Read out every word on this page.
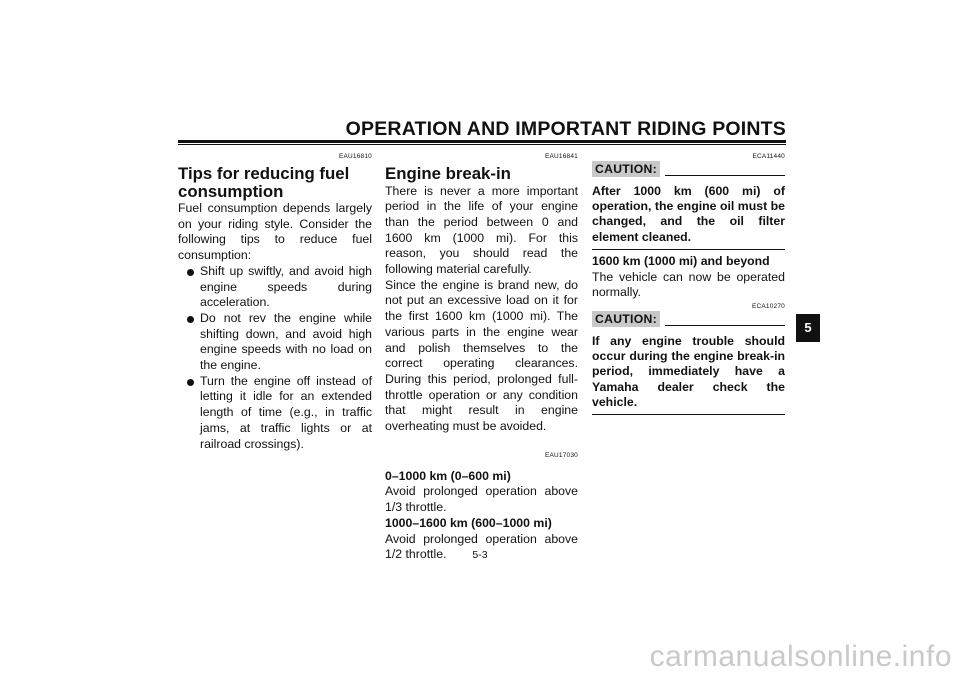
OPERATION AND IMPORTANT RIDING POINTS
EAU16810
Tips for reducing fuel consumption

Fuel consumption depends largely on your riding style. Consider the following tips to reduce fuel consumption:

Shift up swiftly, and avoid high engine speeds during acceleration.
Do not rev the engine while shifting down, and avoid high engine speeds with no load on the engine.
Turn the engine off instead of letting it idle for an extended length of time (e.g., in traffic jams, at traffic lights or at railroad crossings).
EAU16841
Engine break-in

There is never a more important period in the life of your engine than the period between 0 and 1600 km (1000 mi). For this reason, you should read the following material carefully.

Since the engine is brand new, do not put an excessive load on it for the first 1600 km (1000 mi). The various parts in the engine wear and polish themselves to the correct operating clearances. During this period, prolonged full-throttle operation or any condition that might result in engine overheating must be avoided.

EAU17030
0–1000 km (0–600 mi)

Avoid prolonged operation above 1/3 throttle.

1000–1600 km (600–1000 mi)

Avoid prolonged operation above 1/2 throttle.

ECA11440
CAUTION:
After 1000 km (600 mi) of operation, the engine oil must be changed, and the oil filter element cleaned.
1600 km (1000 mi) and beyond

The vehicle can now be operated normally.

ECA10270
CAUTION:
If any engine trouble should occur during the engine break-in period, immediately have a Yamaha dealer check the vehicle.
5
5-3
carmanualsonline.info
